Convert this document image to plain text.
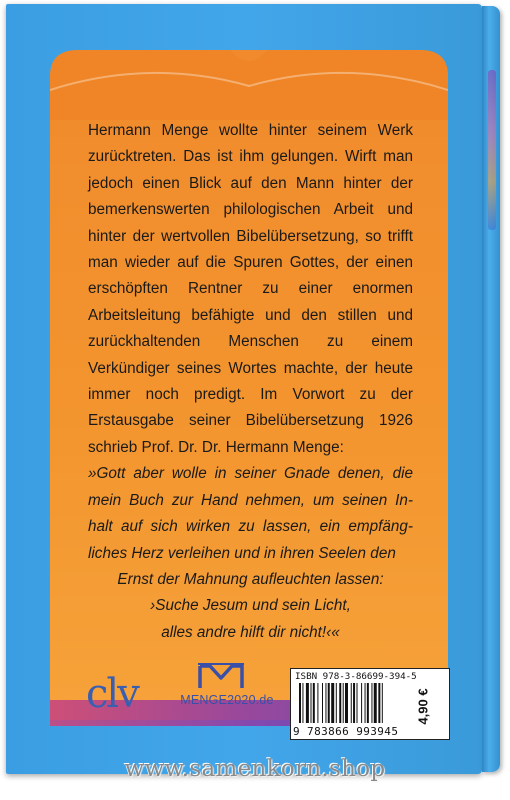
Hermann Menge wollte hinter seinem Werk zurücktreten. Das ist ihm gelungen. Wirft man jedoch einen Blick auf den Mann hinter der bemerkenswerten philologischen Arbeit und hinter der wertvollen Bibelübersetzung, so trifft man wieder auf die Spuren Gottes, der einen erschöpften Rentner zu einer enormen Arbeitsleitung befähigte und den stillen und zurückhaltenden Menschen zu einem Verkündiger seines Wortes machte, der heute immer noch predigt. Im Vorwort zu der Erstausgabe seiner Bibelübersetzung 1926 schrieb Prof. Dr. Dr. Hermann Menge:

»Gott aber wolle in seiner Gnade denen, die mein Buch zur Hand nehmen, um seinen In- halt auf sich wirken zu lassen, ein empfäng- liches Herz verleihen und in ihren Seelen den

Ernst der Mahnung aufleuchten lassen:
›Suche Jesum und sein Licht,
alles andre hilft dir nicht!‹«

clv	MENGE2020.de
ISBN 978-3-86699-394-5
9 783866 993945
4,90 €
www.samenkorn.shop
